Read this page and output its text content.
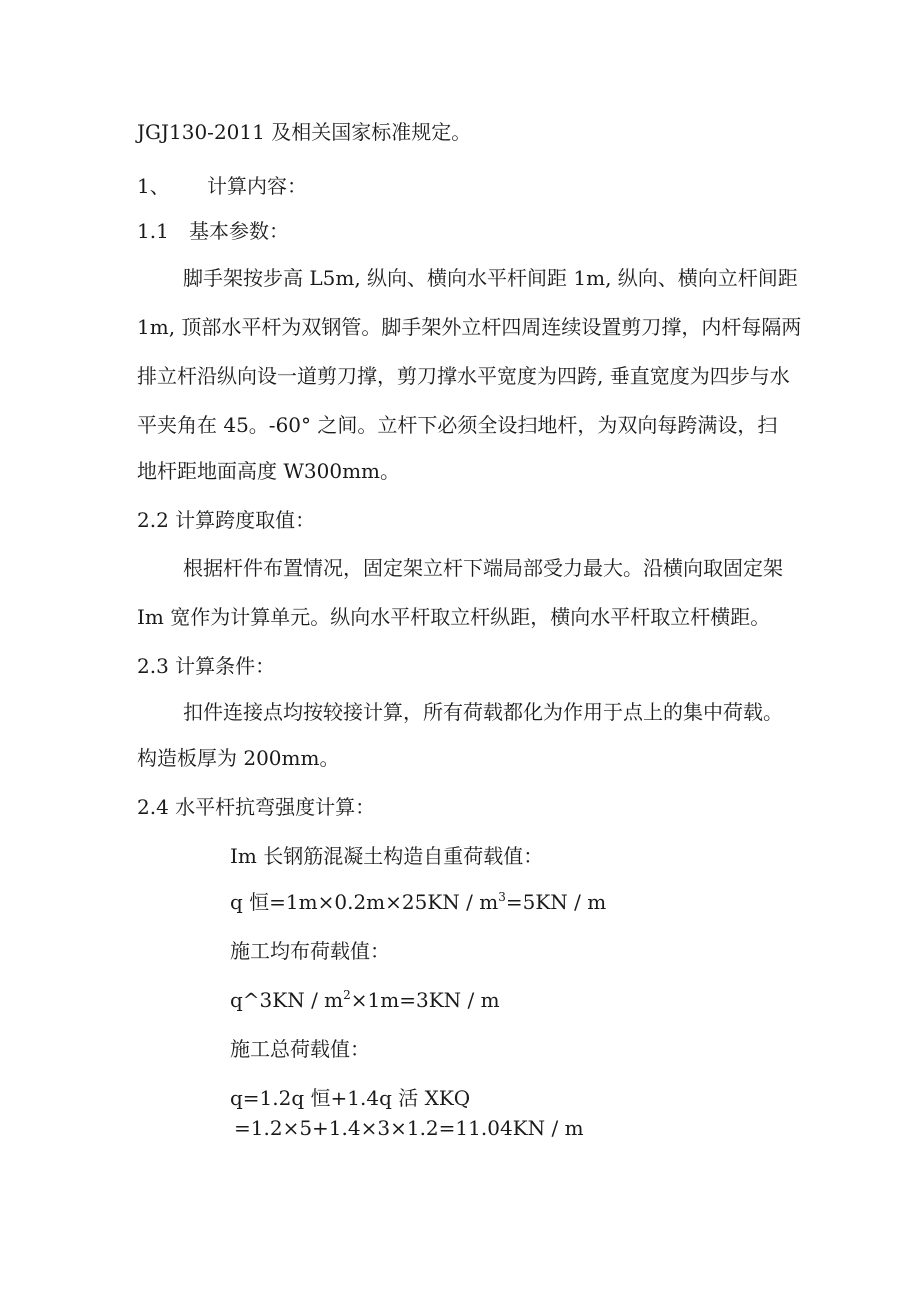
JGJ130-2011 及相关国家标准规定。
1、 计算内容：
1.1 基本参数：
脚手架按步高 L5m, 纵向、横向水平杆间距 1m, 纵向、横向立杆间距
1m, 顶部水平杆为双钢管。脚手架外立杆四周连续设置剪刀撑，内杆每隔两
排立杆沿纵向设一道剪刀撑，剪刀撑水平宽度为四跨, 垂直宽度为四步与水
平夹角在 45。-60° 之间。立杆下必须全设扫地杆，为双向每跨满设，扫
地杆距地面高度 W300mm。
2.2 计算跨度取值：
根据杆件布置情况，固定架立杆下端局部受力最大。沿横向取固定架
Im 宽作为计算单元。纵向水平杆取立杆纵距，横向水平杆取立杆横距。
2.3 计算条件：
扣件连接点均按较接计算，所有荷载都化为作用于点上的集中荷载。
构造板厚为 200mm。
2.4 水平杆抗弯强度计算：
Im 长钢筋混凝土构造自重荷载值：
q 恒$=1m\times 0.2m\times 25KN / m^3=5KN / m$
施工均布荷载值：
q^3KN / $m^2\times 1m=3KN / m$
施工总荷载值：
q=1.2q 恒+1.4q 活 XKQ
=1.2×5+1.4×3×1.2=11.04KN / m
